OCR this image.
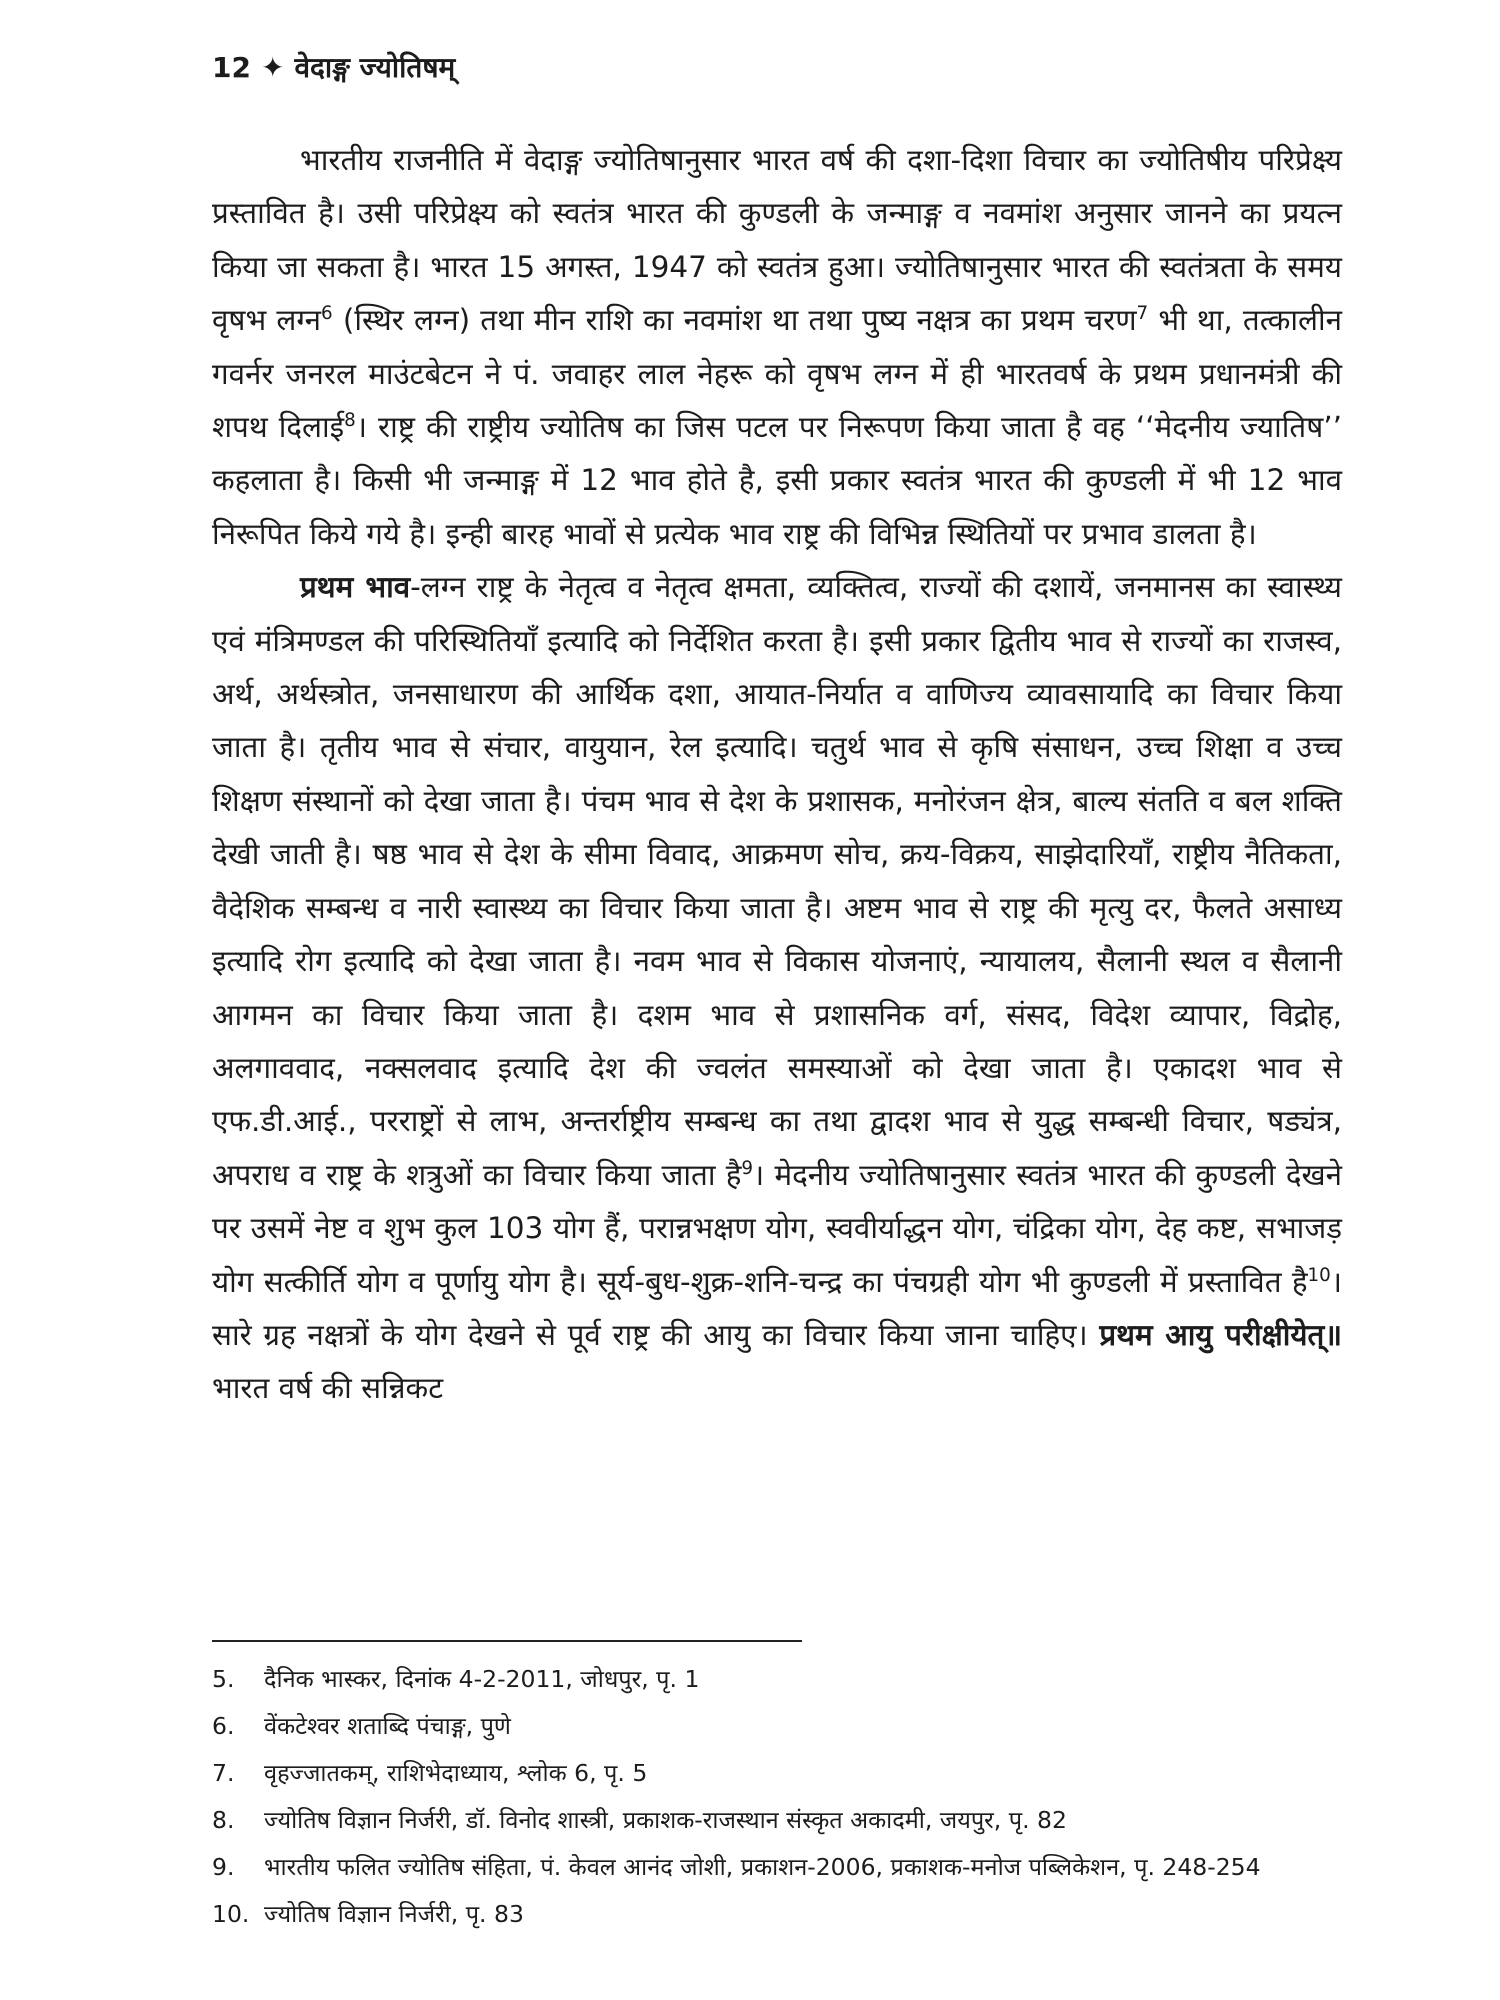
12 ✦ वेदाङ्ग ज्योतिषम्

भारतीय राजनीति में वेदाङ्ग ज्योतिषानुसार भारत वर्ष की दशा-दिशा विचार का ज्योतिषीय परिप्रेक्ष्य प्रस्तावित है। उसी परिप्रेक्ष्य को स्वतंत्र भारत की कुण्डली के जन्माङ्ग व नवमांश अनुसार जानने का प्रयत्न किया जा सकता है। भारत 15 अगस्त, 1947 को स्वतंत्र हुआ। ज्योतिषानुसार भारत की स्वतंत्रता के समय वृषभ लग्न$^6$ (स्थिर लग्न) तथा मीन राशि का नवमांश था तथा पुष्य नक्षत्र का प्रथम चरण$^7$ भी था, तत्कालीन गवर्नर जनरल माउंटबेटन ने पं. जवाहर लाल नेहरू को वृषभ लग्न में ही भारतवर्ष के प्रथम प्रधानमंत्री की शपथ दिलाई$^8$। राष्ट्र की राष्ट्रीय ज्योतिष का जिस पटल पर निरूपण किया जाता है वह ‘‘मेदनीय ज्यातिष’’ कहलाता है। किसी भी जन्माङ्ग में 12 भाव होते है, इसी प्रकार स्वतंत्र भारत की कुण्डली में भी 12 भाव निरूपित किये गये है। इन्ही बारह भावों से प्रत्येक भाव राष्ट्र की विभिन्न स्थितियों पर प्रभाव डालता है।

प्रथम भाव-लग्न राष्ट्र के नेतृत्व व नेतृत्व क्षमता, व्यक्तित्व, राज्यों की दशायें, जनमानस का स्वास्थ्य एवं मंत्रिमण्डल की परिस्थितियाँ इत्यादि को निर्देशित करता है। इसी प्रकार द्वितीय भाव से राज्यों का राजस्व, अर्थ, अर्थस्त्रोत, जनसाधारण की आर्थिक दशा, आयात-निर्यात व वाणिज्य व्यावसायादि का विचार किया जाता है। तृतीय भाव से संचार, वायुयान, रेल इत्यादि। चतुर्थ भाव से कृषि संसाधन, उच्च शिक्षा व उच्च शिक्षण संस्थानों को देखा जाता है। पंचम भाव से देश के प्रशासक, मनोरंजन क्षेत्र, बाल्य संतति व बल शक्ति देखी जाती है। षष्ठ भाव से देश के सीमा विवाद, आक्रमण सोच, क्रय-विक्रय, साझेदारियाँ, राष्ट्रीय नैतिकता, वैदेशिक सम्बन्ध व नारी स्वास्थ्य का विचार किया जाता है। अष्टम भाव से राष्ट्र की मृत्यु दर, फैलते असाध्य इत्यादि रोग इत्यादि को देखा जाता है। नवम भाव से विकास योजनाएं, न्यायालय, सैलानी स्थल व सैलानी आगमन का विचार किया जाता है। दशम भाव से प्रशासनिक वर्ग, संसद, विदेश व्यापार, विद्रोह, अलगाववाद, नक्सलवाद इत्यादि देश की ज्वलंत समस्याओं को देखा जाता है। एकादश भाव से एफ.डी.आई., परराष्ट्रों से लाभ, अन्तर्राष्ट्रीय सम्बन्ध का तथा द्वादश भाव से युद्ध सम्बन्धी विचार, षड्यंत्र, अपराध व राष्ट्र के शत्रुओं का विचार किया जाता है$^9$। मेदनीय ज्योतिषानुसार स्वतंत्र भारत की कुण्डली देखने पर उसमें नेष्ट व शुभ कुल 103 योग हैं, परान्नभक्षण योग, स्ववीर्याद्धन योग, चंद्रिका योग, देह कष्ट, सभाजड़ योग सत्कीर्ति योग व पूर्णायु योग है। सूर्य-बुध-शुक्र-शनि-चन्द्र का पंचग्रही योग भी कुण्डली में प्रस्तावित है$^{10}$। सारे ग्रह नक्षत्रों के योग देखने से पूर्व राष्ट्र की आयु का विचार किया जाना चाहिए। प्रथम आयु परीक्षीयेत्॥ भारत वर्ष की सन्निकट

5.	दैनिक भास्कर, दिनांक 4-2-2011, जोधपुर, पृ. 1
6.	वेंकटेश्वर शताब्दि पंचाङ्ग, पुणे
7.	वृहज्जातकम्, राशिभेदाध्याय, श्लोक 6, पृ. 5
8.	ज्योतिष विज्ञान निर्जरी, डॉ. विनोद शास्त्री, प्रकाशक-राजस्थान संस्कृत अकादमी, जयपुर, पृ. 82
9.	भारतीय फलित ज्योतिष संहिता, पं. केवल आनंद जोशी, प्रकाशन-2006, प्रकाशक-मनोज पब्लिकेशन, पृ. 248-254
10. ज्योतिष विज्ञान निर्जरी, पृ. 83
